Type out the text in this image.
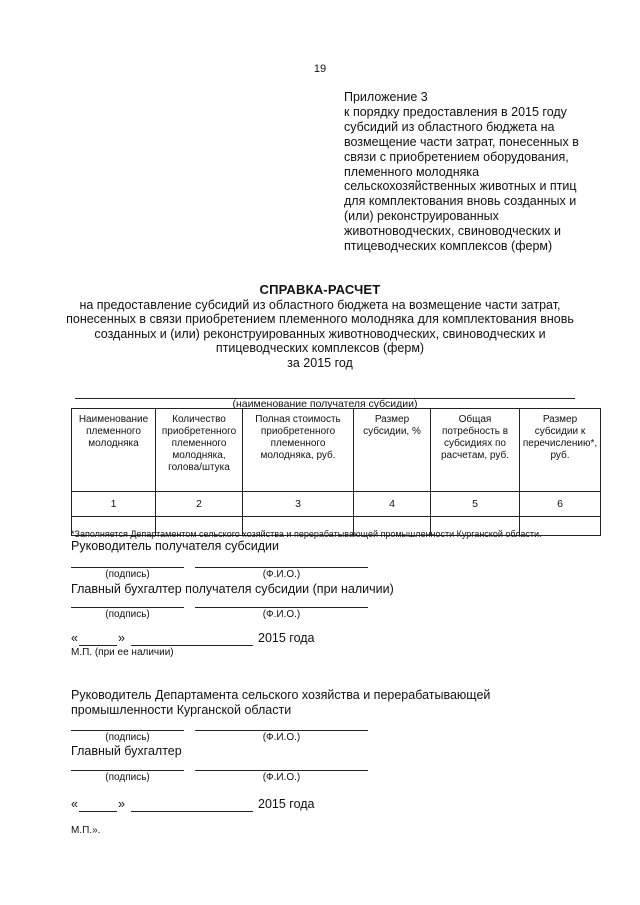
19
Приложение 3
к порядку предоставления в 2015 году
субсидий из областного бюджета на
возмещение части затрат, понесенных в
связи с приобретением оборудования,
племенного молодняка
сельскохозяйственных животных и птиц
для комплектования вновь созданных и
(или) реконструированных
животноводческих, свиноводческих и
птицеводческих комплексов (ферм)
СПРАВКА-РАСЧЕТ
на предоставление субсидий из областного бюджета на возмещение части затрат,
понесенных в связи приобретением племенного молодняка для комплектования вновь
созданных и (или) реконструированных животноводческих, свиноводческих и
птицеводческих комплексов (ферм)
за 2015 год
(наименование получателя субсидии)
Наименование племенного молодняка	Количество приобретенного племенного молодняка, голова/штука	Полная стоимость приобретенного племенного молодняка, руб.	Размер субсидии, %	Общая потребность в субсидиях по расчетам, руб.	Размер субсидии к перечислению*, руб.
1	2	3	4	5	6

*Заполняется Департаментом сельского хозяйства и перерабатывающей промышленности Курганской области.
Руководитель получателя субсидии
(подпись)	(Ф.И.О.)
Главный бухгалтер получателя субсидии (при наличии)
(подпись)	(Ф.И.О.)
«	»	2015 года
М.П. (при ее наличии)
Руководитель Департамента сельского хозяйства и перерабатывающей
промышленности Курганской области
(подпись)	(Ф.И.О.)
Главный бухгалтер
(подпись)	(Ф.И.О.)
«	»	2015 года
М.П.».
